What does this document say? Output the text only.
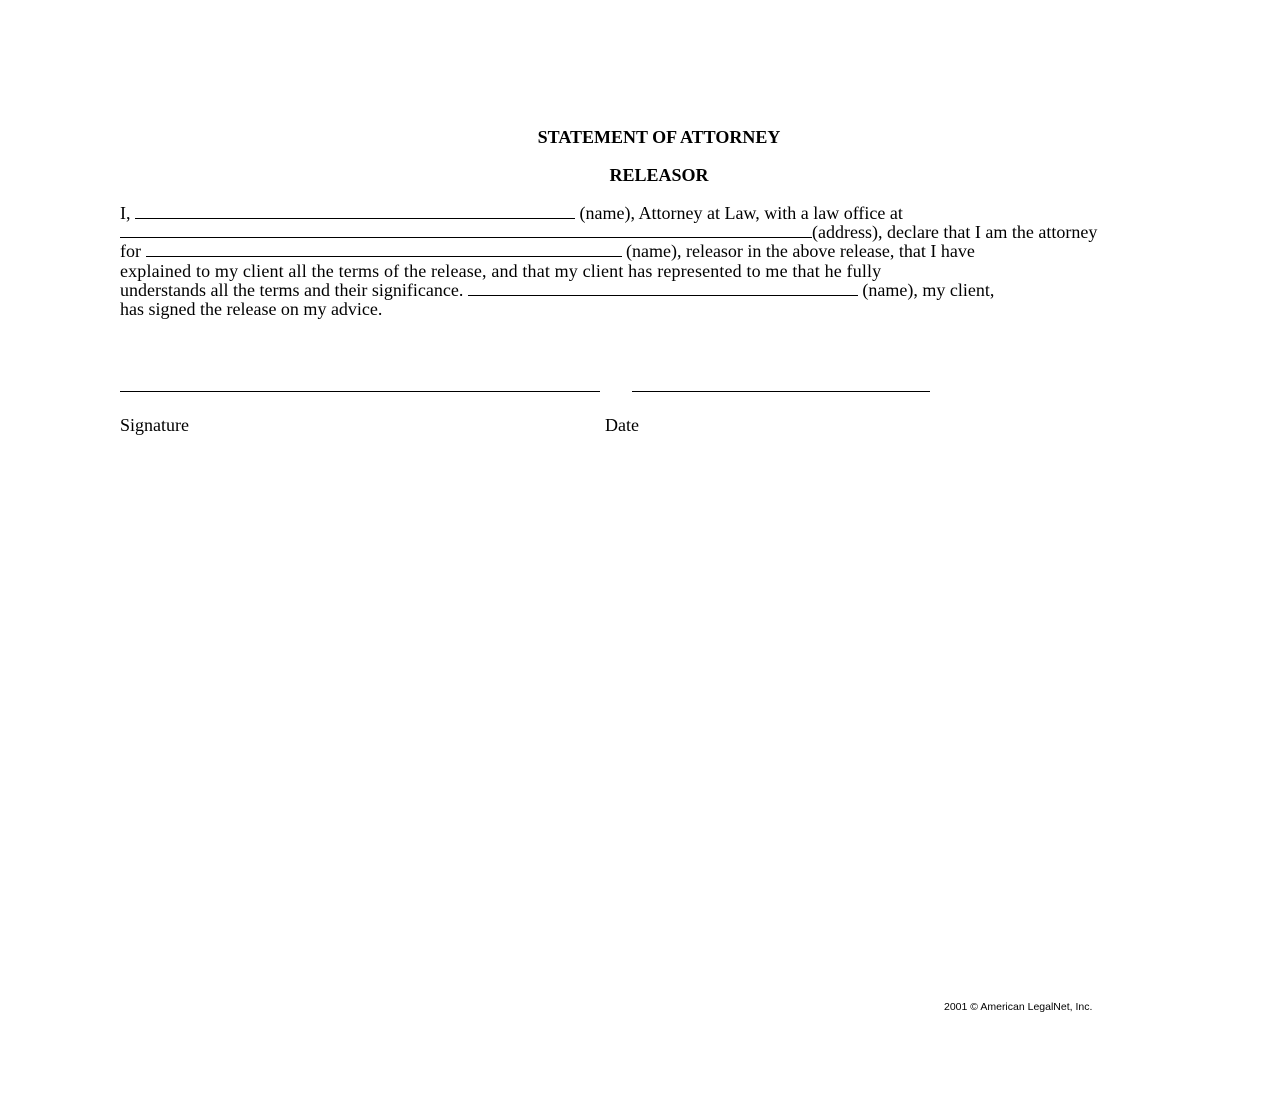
STATEMENT OF ATTORNEY
RELEASOR
I,	(name), Attorney at Law, with a law office at
(address), declare that I am the attorney
for	(name), releasor in the above release, that I have
explained to my client all the terms of the release, and that my client has represented to me that he fully
understands all the terms and their significance.	(name), my client,
has signed the release on my advice.
Signature	Date
2001 © American LegalNet, Inc.
